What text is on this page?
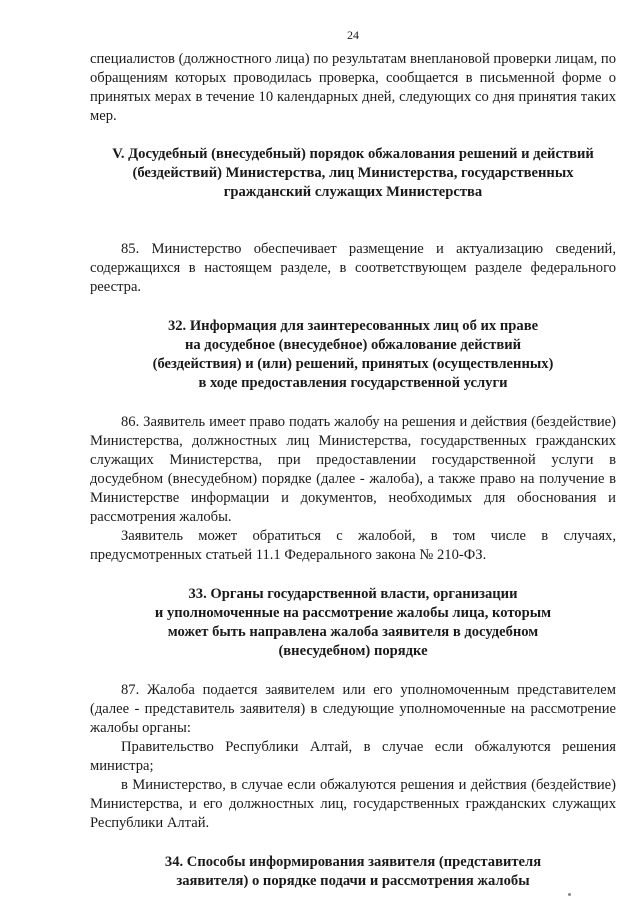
24

специалистов (должностного лица) по результатам внеплановой проверки лицам, по обращениям которых проводилась проверка, сообщается в письменной форме о принятых мерах в течение 10 календарных дней, следующих со дня принятия таких мер.

V. Досудебный (внесудебный) порядок обжалования решений и действий
(бездействий) Министерства, лиц Министерства, государственных
гражданский служащих Министерства

85. Министерство обеспечивает размещение и актуализацию сведений, содержащихся в настоящем разделе, в соответствующем разделе федерального реестра.

32. Информация для заинтересованных лиц об их праве
на досудебное (внесудебное) обжалование действий
(бездействия) и (или) решений, принятых (осуществленных)
в ходе предоставления государственной услуги

86. Заявитель имеет право подать жалобу на решения и действия (бездействие) Министерства, должностных лиц Министерства, государственных гражданских служащих Министерства, при предоставлении государственной услуги в досудебном (внесудебном) порядке (далее - жалоба), а также право на получение в Министерстве информации и документов, необходимых для обоснования и рассмотрения жалобы.

Заявитель может обратиться с жалобой, в том числе в случаях, предусмотренных статьей 11.1 Федерального закона № 210-ФЗ.

33. Органы государственной власти, организации
и уполномоченные на рассмотрение жалобы лица, которым
может быть направлена жалоба заявителя в досудебном
(внесудебном) порядке

87. Жалоба подается заявителем или его уполномоченным представителем (далее - представитель заявителя) в следующие уполномоченные на рассмотрение жалобы органы:

Правительство Республики Алтай, в случае если обжалуются решения министра;

в Министерство, в случае если обжалуются решения и действия (бездействие) Министерства, и его должностных лиц, государственных гражданских служащих Республики Алтай.

34. Способы информирования заявителя (представителя
заявителя) о порядке подачи и рассмотрения жалобы
